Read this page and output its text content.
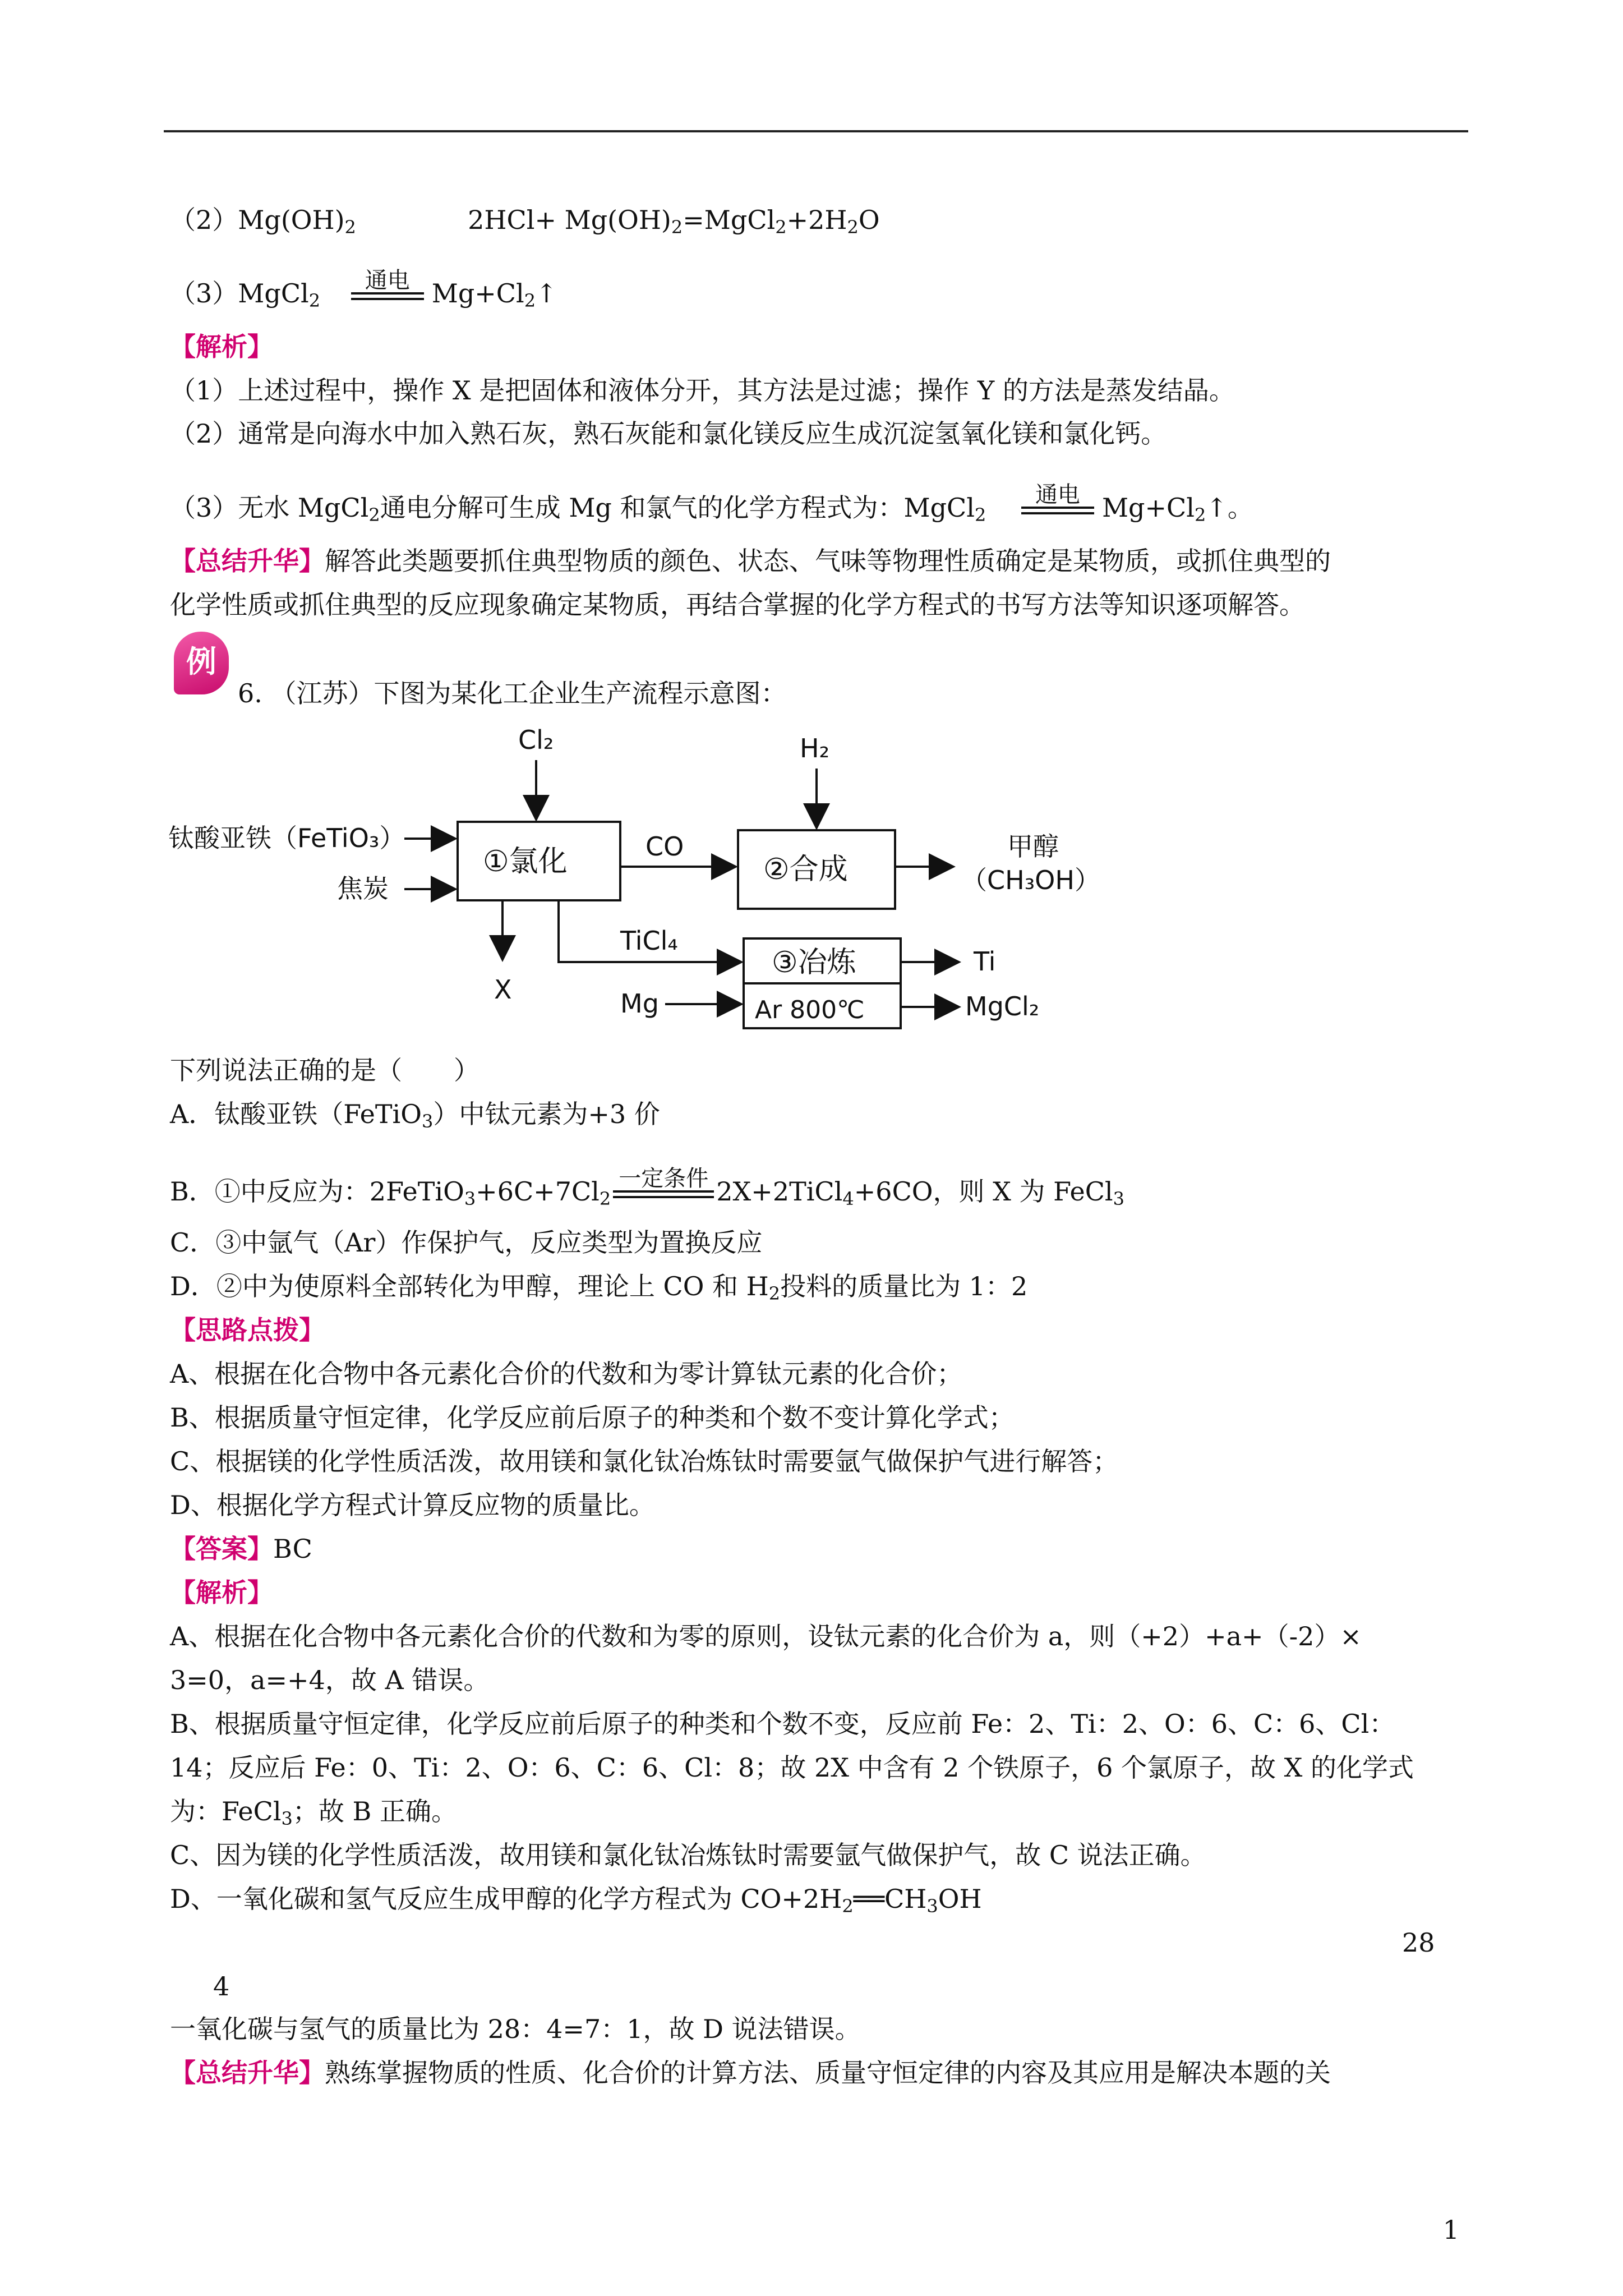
$(2)Mg(OH)_2$	$2HCl+ Mg(OH)_2=MgCl_2+2H_2O$
（3）MgCl$_2$
通电 $Mg+Cl_2↑$
【解析】
（1）上述过程中，操作 X 是把固体和液体分开，其方法是过滤；操作 Y 的方法是蒸发结晶。
（2）通常是向海水中加入熟石灰，熟石灰能和氯化镁反应生成沉淀氢氧化镁和氯化钙。
（3）无水 MgCl$_2$通电分解可生成 Mg 和氯气的化学方程式为：MgCl$_2$
通电 $Mg+Cl_2↑$。
【总结升华】解答此类题要抓住典型物质的颜色、状态、气味等物理性质确定是某物质，或抓住典型的
化学性质或抓住典型的反应现象确定某物质，再结合掌握的化学方程式的书写方法等知识逐项解答。
例
6. （江苏）下图为某化工企业生产流程示意图：
Cl₂	H₂
钛酸亚铁（FeTiO₃）
焦炭
①氯化	CO
②合成
甲醇
（CH₃OH）
X
TiCl₄
③冶炼
Ar 800℃
Mg
Ti
MgCl₂
下列说法正确的是（　　）
A．钛酸亚铁（FeTiO$_3$）中钛元素为+3 价
B．①中反应为：$2FeTiO_3+6C+7Cl_2$
一定条件 2X+2TiCl$_4$+6CO，则 X 为 FeCl$_3$
C．③中氩气（Ar）作保护气，反应类型为置换反应
D．②中为使原料全部转化为甲醇，理论上 CO 和 $H_2$投料的质量比为 1：2
【思路点拨】
A、根据在化合物中各元素化合价的代数和为零计算钛元素的化合价；
B、根据质量守恒定律，化学反应前后原子的种类和个数不变计算化学式；
C、根据镁的化学性质活泼，故用镁和氯化钛冶炼钛时需要氩气做保护气进行解答；
D、根据化学方程式计算反应物的质量比。
【答案】BC
【解析】
A、根据在化合物中各元素化合价的代数和为零的原则，设钛元素的化合价为 a，则（+2）+a+（-2）×
3=0，a=+4，故 A 错误。
B、根据质量守恒定律，化学反应前后原子的种类和个数不变，反应前 Fe：2、Ti：2、O：6、C：6、Cl：
14；反应后 Fe：0、Ti：2、O：6、C：6、Cl：8；故 2X 中含有 2 个铁原子，6 个氯原子，故 X 的化学式
为：FeCl$_3$；故 B 正确。
C、因为镁的化学性质活泼，故用镁和氯化钛冶炼钛时需要氩气做保护气，故 C 说法正确。
D、一氧化碳和氢气反应生成甲醇的化学方程式为 $CO+2H_2══CH_3OH$
28
4
一氧化碳与氢气的质量比为 28：4=7：1，故 D 说法错误。
【总结升华】熟练掌握物质的性质、化合价的计算方法、质量守恒定律的内容及其应用是解决本题的关
1
